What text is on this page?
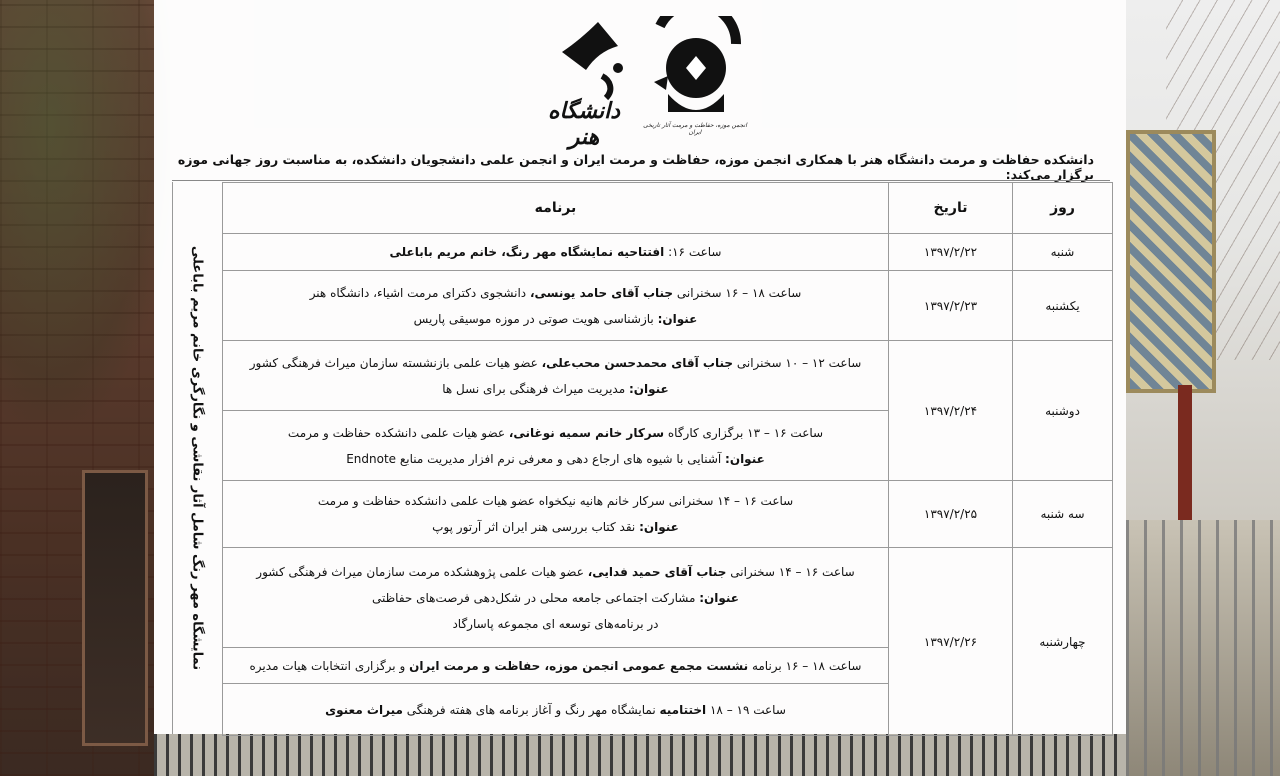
دانشگاه هنر	انجمن موزه، حفاظت و مرمت آثار تاریخی ایران
دانشکده حفاظت و مرمت دانشگاه هنر با همکاری انجمن موزه، حفاظت و مرمت ایران و انجمن علمی دانشجویان دانشکده، به مناسبت روز جهانی موزه برگزار می‌کند:
نمایشگاه مهر رنگ شامل آثار نقاشی و نگارگری خانم مریم باباعلی
روز	تاریخ	برنامه
شنبه	۱۳۹۷/۲/۲۲	ساعت ۱۶: افتتاحیه نمایشگاه مهر رنگ، خانم مریم باباعلی
یکشنبه	۱۳۹۷/۲/۲۳	ساعت ۱۸ – ۱۶ سخنرانی جناب آقای حامد یونسی، دانشجوی دکترای مرمت اشیاء، دانشگاه هنر
عنوان: بازشناسی هویت صوتی در موزه موسیقی پاریس

دوشنبه	۱۳۹۷/۲/۲۴	ساعت ۱۲ – ۱۰ سخنرانی جناب آقای محمدحسن محب‌علی، عضو هیات علمی بازنشسته سازمان میراث فرهنگی کشور
عنوان: مدیریت میراث فرهنگی برای نسل ها

		ساعت ۱۶ – ۱۳ برگزاری کارگاه سرکار خانم سمیه نوغانی، عضو هیات علمی دانشکده حفاظت و مرمت
عنوان: آشنایی با شیوه های ارجاع دهی و معرفی نرم افزار مدیریت منابع Endnote

سه شنبه	۱۳۹۷/۲/۲۵	ساعت ۱۶ – ۱۴ سخنرانی سرکار خانم هانیه نیکخواه عضو هیات علمی دانشکده حفاظت و مرمت
عنوان: نقد کتاب بررسی هنر ایران اثر آرتور پوپ

چهارشنبه	۱۳۹۷/۲/۲۶	ساعت ۱۶ – ۱۴ سخنرانی جناب آقای حمید فدایی، عضو هیات علمی پژوهشکده مرمت سازمان میراث فرهنگی کشور
عنوان: مشارکت اجتماعی جامعه محلی در شکل‌دهی فرصت‌های حفاظتی
در برنامه‌های توسعه ای مجموعه پاسارگاد

		ساعت ۱۸ – ۱۶ برنامه نشست مجمع عمومی انجمن موزه، حفاظت و مرمت ایران و برگزاری انتخابات هیات مدیره
		ساعت ۱۹ – ۱۸ اختتامیه نمایشگاه مهر رنگ و آغاز برنامه های هفته فرهنگی میراث معنوی
